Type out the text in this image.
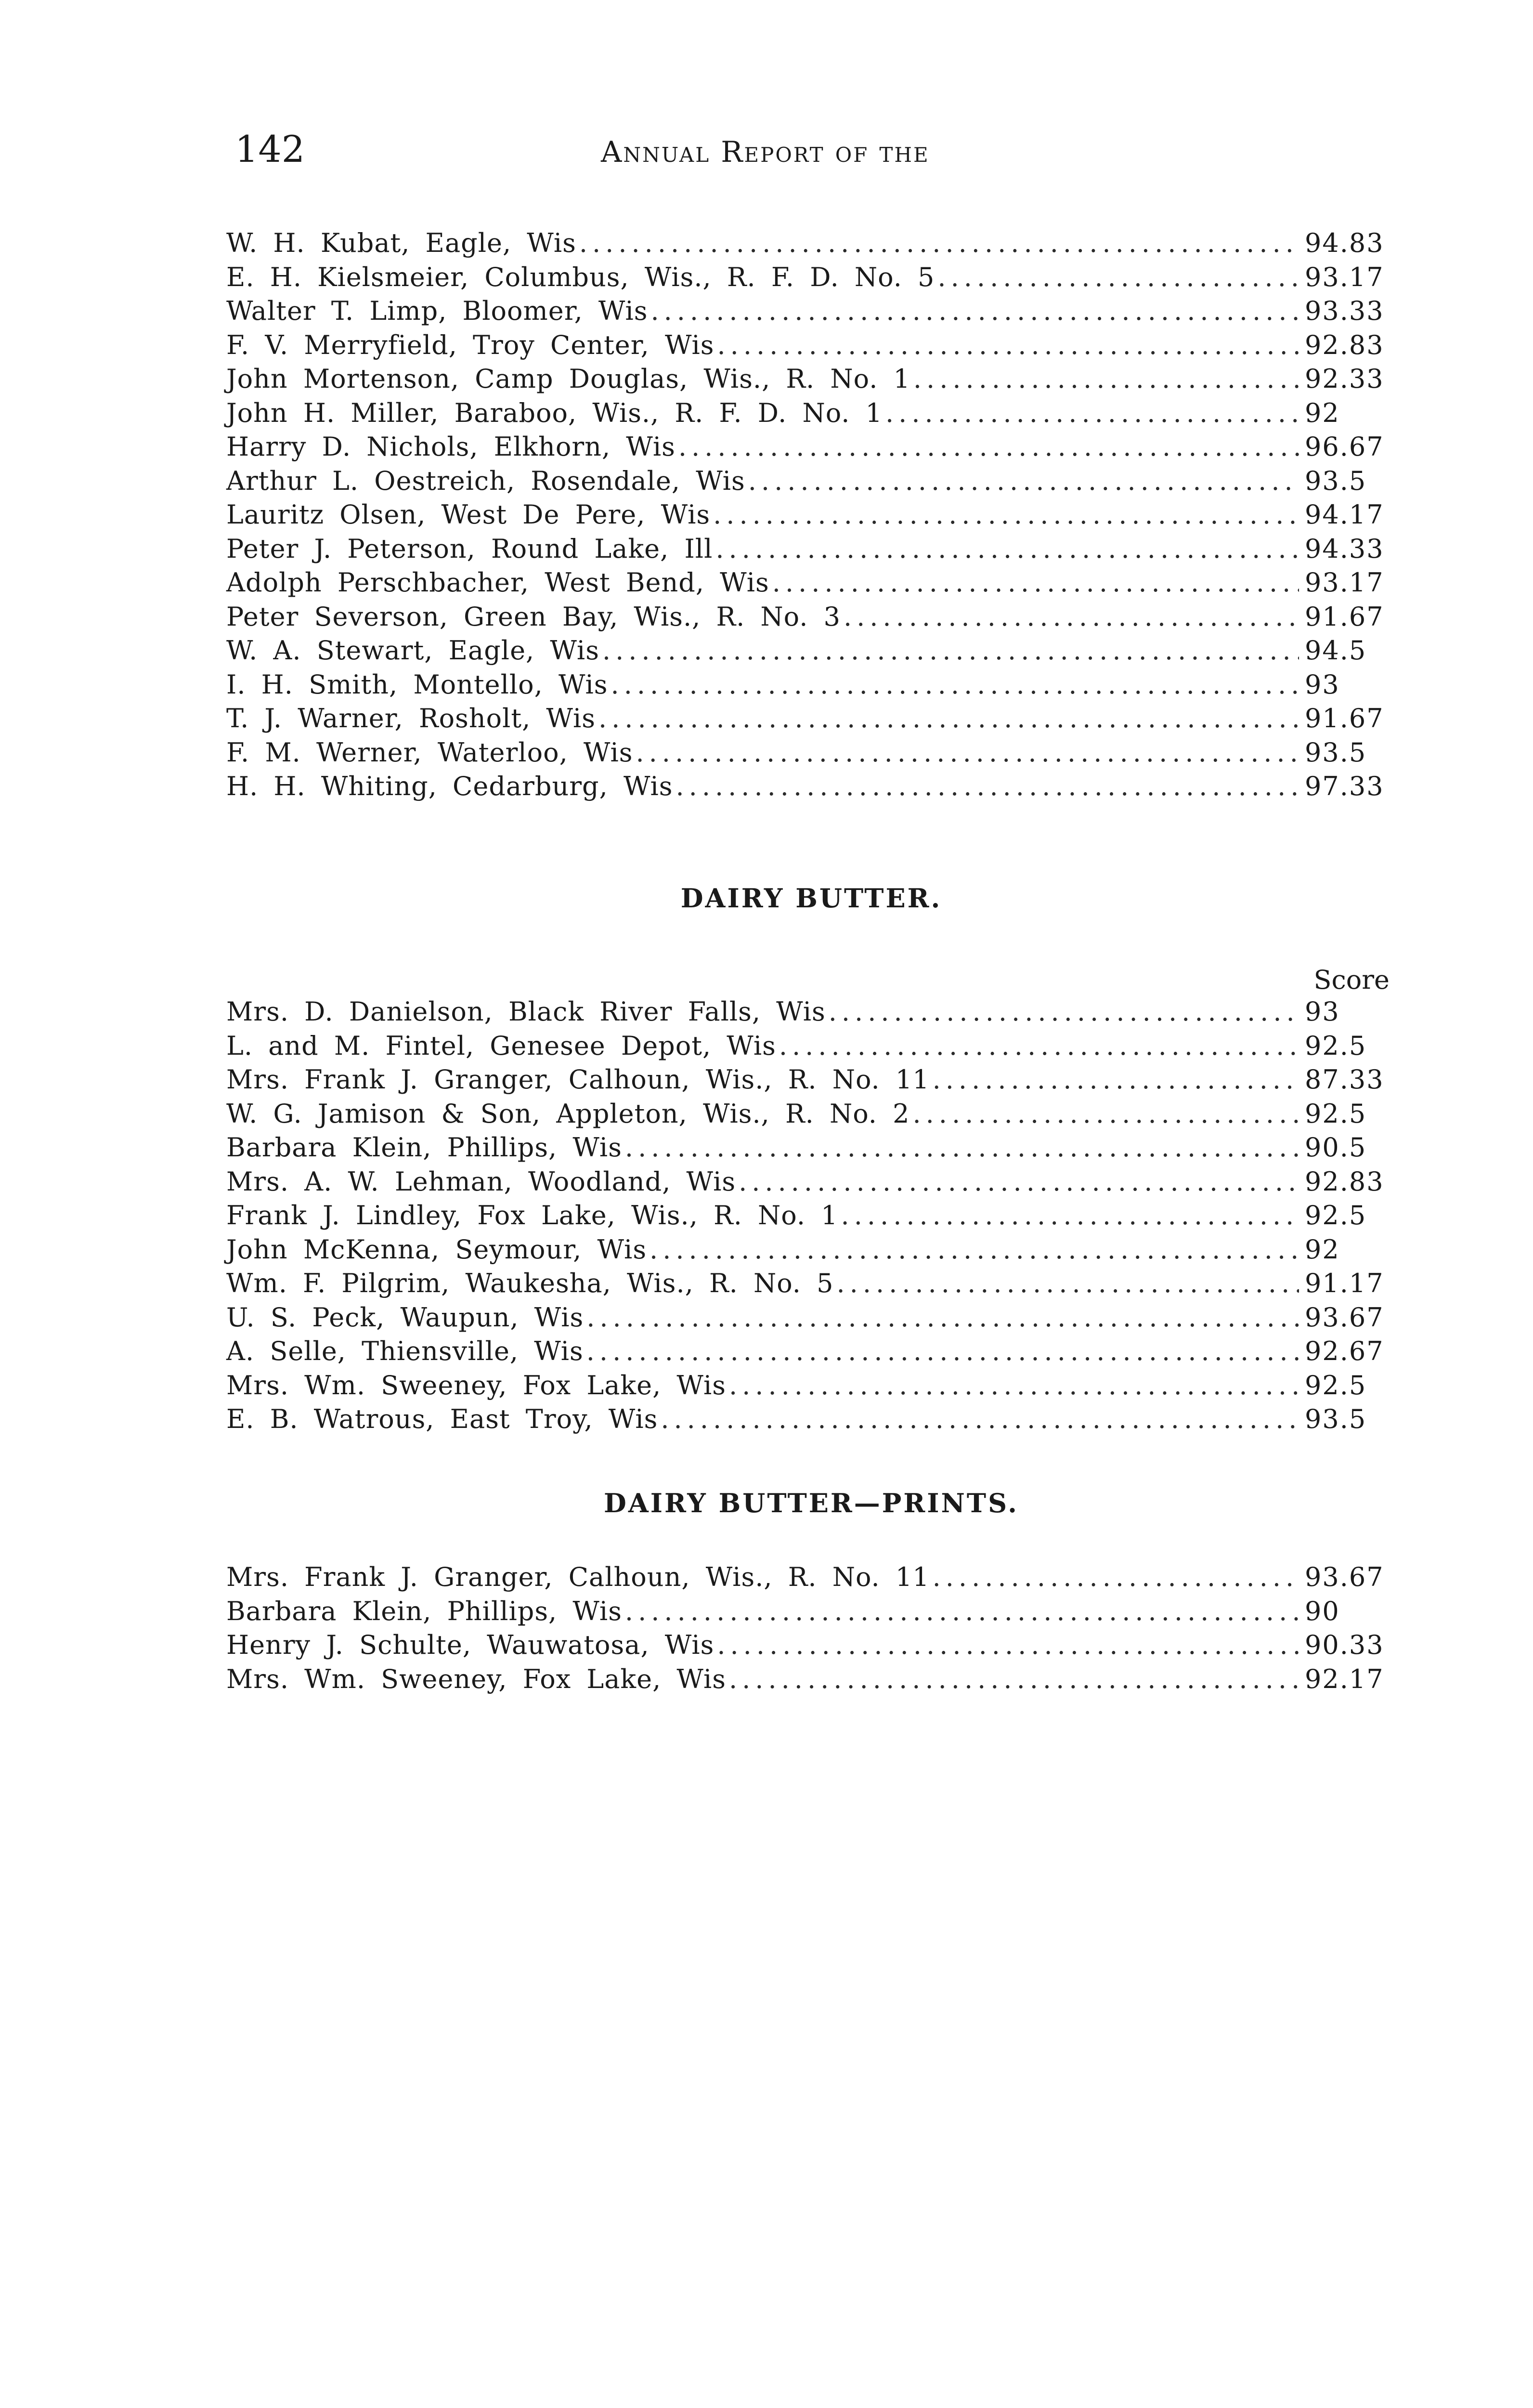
142	Annual Report of the
W. H. Kubat, Eagle, Wis .....	94.83
E. H. Kielsmeier, Columbus, Wis., R. F. D. No. 5 .....	93.17
Walter T. Limp, Bloomer, Wis .....	93.33
F. V. Merryfield, Troy Center, Wis .....	92.83
John Mortenson, Camp Douglas, Wis., R. No. 1 .....	92.33
John H. Miller, Baraboo, Wis., R. F. D. No. 1 .....	92
Harry D. Nichols, Elkhorn, Wis .....	96.67
Arthur L. Oestreich, Rosendale, Wis .....	93.5
Lauritz Olsen, West De Pere, Wis .....	94.17
Peter J. Peterson, Round Lake, Ill .....	94.33
Adolph Perschbacher, West Bend, Wis .....	93.17
Peter Severson, Green Bay, Wis., R. No. 3 .....	91.67
W. A. Stewart, Eagle, Wis .....	94.5
I. H. Smith, Montello, Wis .....	93
T. J. Warner, Rosholt, Wis .....	91.67
F. M. Werner, Waterloo, Wis .....	93.5
H. H. Whiting, Cedarburg, Wis .....	97.33
DAIRY BUTTER.
Score
Mrs. D. Danielson, Black River Falls, Wis .....	93
L. and M. Fintel, Genesee Depot, Wis .....	92.5
Mrs. Frank J. Granger, Calhoun, Wis., R. No. 11 .....	87.33
W. G. Jamison & Son, Appleton, Wis., R. No. 2 .....	92.5
Barbara Klein, Phillips, Wis .....	90.5
Mrs. A. W. Lehman, Woodland, Wis .....	92.83
Frank J. Lindley, Fox Lake, Wis., R. No. 1 .....	92.5
John McKenna, Seymour, Wis .....	92
Wm. F. Pilgrim, Waukesha, Wis., R. No. 5 .....	91.17
U. S. Peck, Waupun, Wis .....	93.67
A. Selle, Thiensville, Wis .....	92.67
Mrs. Wm. Sweeney, Fox Lake, Wis .....	92.5
E. B. Watrous, East Troy, Wis .....	93.5
DAIRY BUTTER—PRINTS.
Mrs. Frank J. Granger, Calhoun, Wis., R. No. 11 .....	93.67
Barbara Klein, Phillips, Wis .....	90
Henry J. Schulte, Wauwatosa, Wis .....	90.33
Mrs. Wm. Sweeney, Fox Lake, Wis .....	92.17
